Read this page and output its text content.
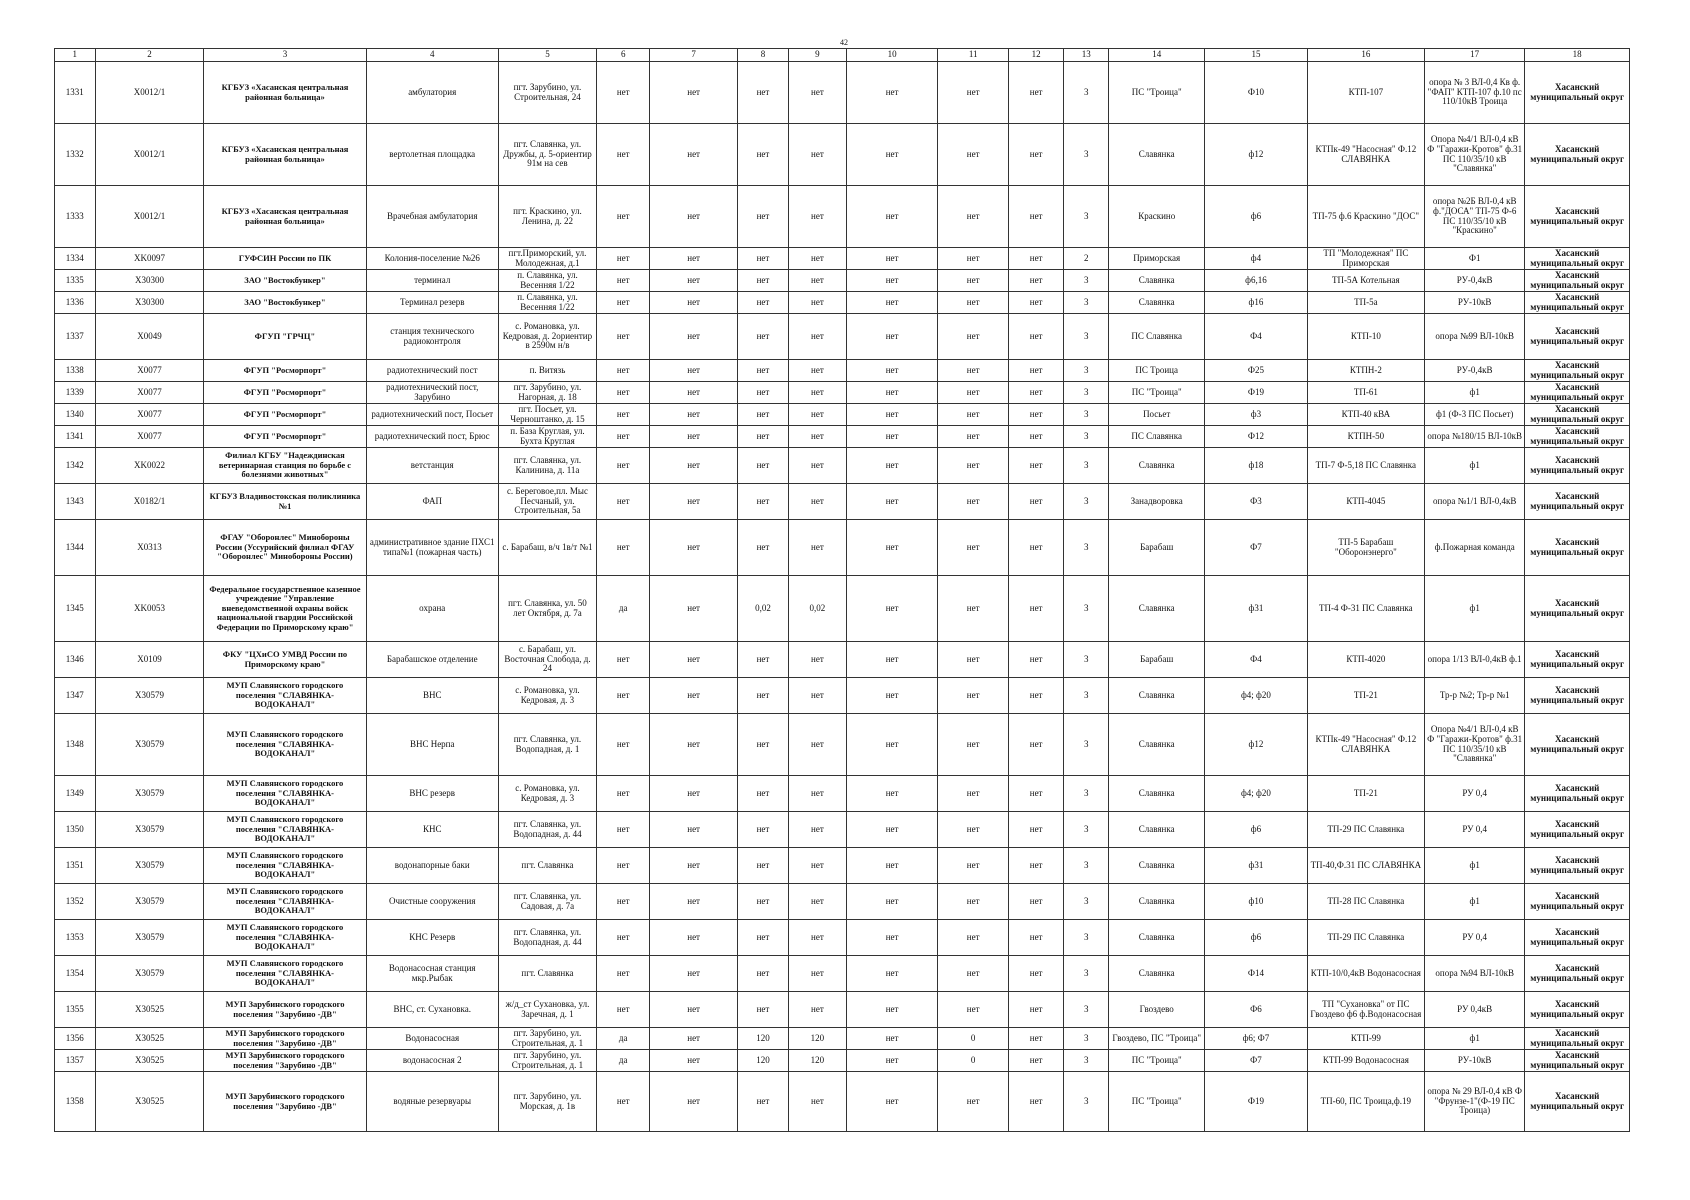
42
1	2	3	4	5	6	7	8	9	10	11	12	13	14	15	16	17	18
1331	X0012/1	КГБУЗ «Хасанская центральная районная больница»	амбулатория	пгт. Зарубино, ул. Строительная, 24	нет	нет	нет	нет	нет	нет	нет	3	ПС "Троица"	Ф10	КТП-107	опора № 3 ВЛ-0,4 Кв ф. "ФАП" КТП-107 ф.10 пс 110/10кВ Троица	Хасанский муниципальный округ
1332	X0012/1	КГБУЗ «Хасанская центральная районная больница»	вертолетная площадка	пгт. Славянка, ул. Дружбы, д. 5-ориентир 91м на сев	нет	нет	нет	нет	нет	нет	нет	3	Славянка	ф12	КТПк-49 "Насосная" Ф.12 СЛАВЯНКА	Опора №4/1 ВЛ-0,4 кВ Ф "Гаражи-Кротов" ф.31 ПС 110/35/10 кВ "Славянка"	Хасанский муниципальный округ
1333	X0012/1	КГБУЗ «Хасанская центральная районная больница»	Врачебная амбулатория	пгт. Краскино, ул. Ленина, д. 22	нет	нет	нет	нет	нет	нет	нет	3	Краскино	ф6	ТП-75 ф.6 Краскино "ДОС"	опора №2Б ВЛ-0,4 кВ ф."ДОСА" ТП-75 Ф-6 ПС 110/35/10 кВ "Краскино"	Хасанский муниципальный округ
1334	XK0097	ГУФСИН России по ПК	Колония-поселение №26	пгт.Приморский, ул. Молодежная, д.1	нет	нет	нет	нет	нет	нет	нет	2	Приморская	ф4	ТП "Молодежная" ПС Приморская	Ф1	Хасанский муниципальный округ
1335	X30300	ЗАО "Востокбункер"	терминал	п. Славянка, ул. Весенняя 1/22	нет	нет	нет	нет	нет	нет	нет	3	Славянка	ф6,16	ТП-5А Котельная	РУ-0,4кВ	Хасанский муниципальный округ
1336	X30300	ЗАО "Востокбункер"	Терминал резерв	п. Славянка, ул. Весенняя 1/22	нет	нет	нет	нет	нет	нет	нет	3	Славянка	ф16	ТП-5а	РУ-10кВ	Хасанский муниципальный округ
1337	X0049	ФГУП "ГРЧЦ"	станция технического радиоконтроля	с. Романовка, ул. Кедровая, д. 2ориентир в 2590м н/в	нет	нет	нет	нет	нет	нет	нет	3	ПС Славянка	Ф4	КТП-10	опора №99 ВЛ-10кВ	Хасанский муниципальный округ
1338	X0077	ФГУП "Росморпорт"	радиотехнический пост	п. Витязь	нет	нет	нет	нет	нет	нет	нет	3	ПС Троица	Ф25	КТПН-2	РУ-0,4кВ	Хасанский муниципальный округ
1339	X0077	ФГУП "Росморпорт"	радиотехнический пост, Зарубино	пгт. Зарубино, ул. Нагорная, д. 18	нет	нет	нет	нет	нет	нет	нет	3	ПС "Троица"	Ф19	ТП-61	ф1	Хасанский муниципальный округ
1340	X0077	ФГУП "Росморпорт"	радиотехнический пост, Посьет	пгт. Посьет, ул. Черноштанко, д. 15	нет	нет	нет	нет	нет	нет	нет	3	Посьет	ф3	КТП-40 кВА	ф1 (Ф-3 ПС Посьет)	Хасанский муниципальный округ
1341	X0077	ФГУП "Росморпорт"	радиотехнический пост, Брюс	п. База Круглая, ул. Бухта Круглая	нет	нет	нет	нет	нет	нет	нет	3	ПС Славянка	Ф12	КТПН-50	опора №180/15 ВЛ-10кВ	Хасанский муниципальный округ
1342	XK0022	Филиал КГБУ "Надеждинская ветеринарная станция по борьбе с болезнями животных"	ветстанция	пгт. Славянка, ул. Калинина, д. 11а	нет	нет	нет	нет	нет	нет	нет	3	Славянка	ф18	ТП-7 Ф-5,18 ПС Славянка	ф1	Хасанский муниципальный округ
1343	X0182/1	КГБУЗ Владивостокская поликлиника №1	ФАП	с. Береговое,пл. Мыс Песчаный, ул. Строительная, 5а	нет	нет	нет	нет	нет	нет	нет	3	Занадворовка	Ф3	КТП-4045	опора №1/1 ВЛ-0,4кВ	Хасанский муниципальный округ
1344	X0313	ФГАУ "Оборонлес" Минобороны России (Уссурийский филиал ФГАУ "Оборонлес" Минобороны России)	административное здание ПХС1 типа№1 (пожарная часть)	с. Барабаш, в/ч 1в/т №1	нет	нет	нет	нет	нет	нет	нет	3	Барабаш	Ф7	ТП-5 Барабаш "Оборонэнерго"	ф.Пожарная команда	Хасанский муниципальный округ
1345	XK0053	Федеральное государственное казенное учреждение "Управление вневедомственной охраны войск национальной гвардии Российской Федерации по Приморскому краю"	охрана	пгт. Славянка, ул. 50 лет Октября, д. 7а	да	нет	0,02	0,02	нет	нет	нет	3	Славянка	ф31	ТП-4 Ф-31 ПС Славянка	ф1	Хасанский муниципальный округ
1346	X0109	ФКУ "ЦХиСО УМВД России по Приморскому краю"	Барабашское отделение	с. Барабаш, ул. Восточная Слобода, д. 24	нет	нет	нет	нет	нет	нет	нет	3	Барабаш	Ф4	КТП-4020	опора 1/13 ВЛ-0,4кВ ф.1	Хасанский муниципальный округ
1347	X30579	МУП Славянского городского поселения "СЛАВЯНКА-ВОДОКАНАЛ"	ВНС	с. Романовка, ул. Кедровая, д. 3	нет	нет	нет	нет	нет	нет	нет	3	Славянка	ф4; ф20	ТП-21	Тр-р №2; Тр-р №1	Хасанский муниципальный округ
1348	X30579	МУП Славянского городского поселения "СЛАВЯНКА-ВОДОКАНАЛ"	ВНС Нерпа	пгт. Славянка, ул. Водопадная, д. 1	нет	нет	нет	нет	нет	нет	нет	3	Славянка	ф12	КТПк-49 "Насосная" Ф.12 СЛАВЯНКА	Опора №4/1 ВЛ-0,4 кВ Ф "Гаражи-Кротов" ф.31 ПС 110/35/10 кВ "Славянка"	Хасанский муниципальный округ
1349	X30579	МУП Славянского городского поселения "СЛАВЯНКА-ВОДОКАНАЛ"	ВНС резерв	с. Романовка, ул. Кедровая, д. 3	нет	нет	нет	нет	нет	нет	нет	3	Славянка	ф4; ф20	ТП-21	РУ 0,4	Хасанский муниципальный округ
1350	X30579	МУП Славянского городского поселения "СЛАВЯНКА-ВОДОКАНАЛ"	КНС	пгт. Славянка, ул. Водопадная, д. 44	нет	нет	нет	нет	нет	нет	нет	3	Славянка	ф6	ТП-29 ПС Славянка	РУ 0,4	Хасанский муниципальный округ
1351	X30579	МУП Славянского городского поселения "СЛАВЯНКА-ВОДОКАНАЛ"	водонапорные баки	пгт. Славянка	нет	нет	нет	нет	нет	нет	нет	3	Славянка	ф31	ТП-40,Ф.31 ПС СЛАВЯНКА	ф1	Хасанский муниципальный округ
1352	X30579	МУП Славянского городского поселения "СЛАВЯНКА-ВОДОКАНАЛ"	Очистные сооружения	пгт. Славянка, ул. Садовая, д. 7а	нет	нет	нет	нет	нет	нет	нет	3	Славянка	ф10	ТП-28 ПС Славянка	ф1	Хасанский муниципальный округ
1353	X30579	МУП Славянского городского поселения "СЛАВЯНКА-ВОДОКАНАЛ"	КНС Резерв	пгт. Славянка, ул. Водопадная, д. 44	нет	нет	нет	нет	нет	нет	нет	3	Славянка	ф6	ТП-29 ПС Славянка	РУ 0,4	Хасанский муниципальный округ
1354	X30579	МУП Славянского городского поселения "СЛАВЯНКА-ВОДОКАНАЛ"	Водонасосная станция мкр.Рыбак	пгт. Славянка	нет	нет	нет	нет	нет	нет	нет	3	Славянка	Ф14	КТП-10/0,4кВ Водонасосная	опора №94 ВЛ-10кВ	Хасанский муниципальный округ
1355	X30525	МУП Зарубинского городского поселения "Зарубино -ДВ"	ВНС, ст. Сухановка.	ж/д_ст Сухановка, ул. Заречная, д. 1	нет	нет	нет	нет	нет	нет	нет	3	Гвоздево	Ф6	ТП "Сухановка" от ПС Гвоздево ф6 ф.Водонасосная	РУ 0,4кВ	Хасанский муниципальный округ
1356	X30525	МУП Зарубинского городского поселения "Зарубино -ДВ"	Водонасосная	пгт. Зарубино, ул. Строительная, д. 1	да	нет	120	120	нет	0	нет	3	Гвоздево, ПС "Троица"	ф6; Ф7	КТП-99	ф1	Хасанский муниципальный округ
1357	X30525	МУП Зарубинского городского поселения "Зарубино -ДВ"	водонасосная 2	пгт. Зарубино, ул. Строительная, д. 1	да	нет	120	120	нет	0	нет	3	ПС "Троица"	Ф7	КТП-99 Водонасосная	РУ-10кВ	Хасанский муниципальный округ
1358	X30525	МУП Зарубинского городского поселения "Зарубино -ДВ"	водяные резервуары	пгт. Зарубино, ул. Морская, д. 1в	нет	нет	нет	нет	нет	нет	нет	3	ПС "Троица"	Ф19	ТП-60, ПС Троица,ф.19	опора № 29 ВЛ-0,4 кВ Ф "Фрунзе-1"(Ф-19 ПС Троица)	Хасанский муниципальный округ
